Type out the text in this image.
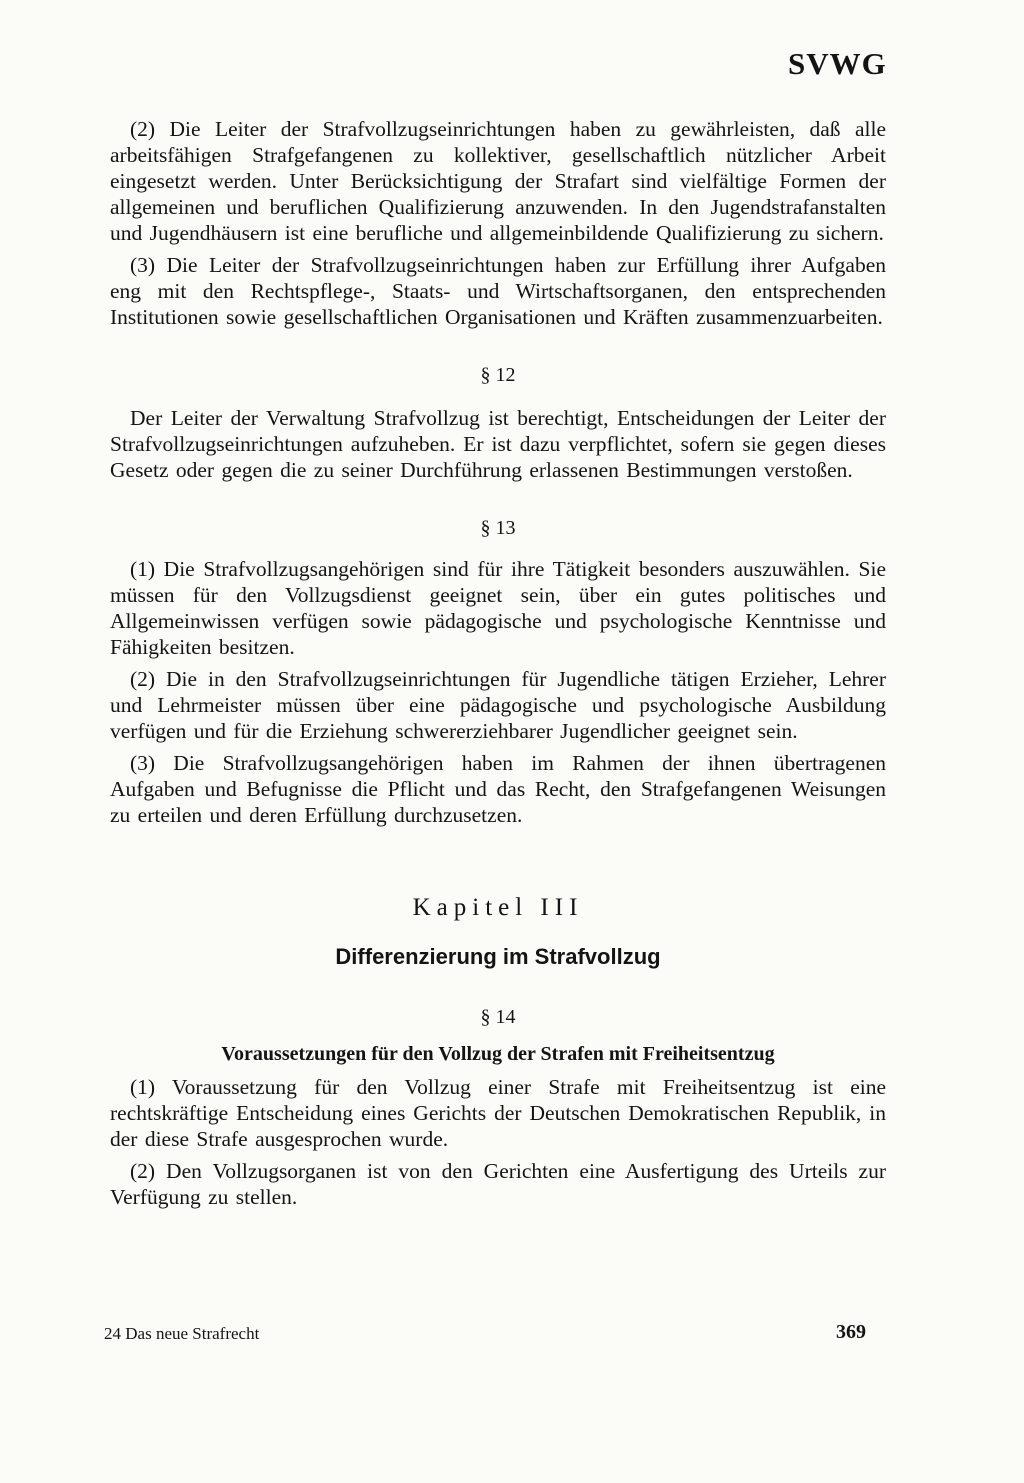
SVWG

(2) Die Leiter der Strafvollzugseinrichtungen haben zu gewährleisten, daß alle arbeitsfähigen Strafgefangenen zu kollektiver, gesellschaftlich nützlicher Arbeit eingesetzt werden. Unter Berücksichtigung der Strafart sind vielfältige Formen der allgemeinen und beruflichen Qualifizierung anzuwenden. In den Jugendstrafanstalten und Jugendhäusern ist eine berufliche und allgemeinbildende Qualifizierung zu sichern.

(3) Die Leiter der Strafvollzugseinrichtungen haben zur Erfüllung ihrer Aufgaben eng mit den Rechtspflege-, Staats- und Wirtschaftsorganen, den entsprechenden Institutionen sowie gesellschaftlichen Organisationen und Kräften zusammenzuarbeiten.

§ 12

Der Leiter der Verwaltung Strafvollzug ist berechtigt, Entscheidungen der Leiter der Strafvollzugseinrichtungen aufzuheben. Er ist dazu verpflichtet, sofern sie gegen dieses Gesetz oder gegen die zu seiner Durchführung erlassenen Bestimmungen verstoßen.

§ 13

(1) Die Strafvollzugsangehörigen sind für ihre Tätigkeit besonders auszuwählen. Sie müssen für den Vollzugsdienst geeignet sein, über ein gutes politisches und Allgemeinwissen verfügen sowie pädagogische und psychologische Kenntnisse und Fähigkeiten besitzen.

(2) Die in den Strafvollzugseinrichtungen für Jugendliche tätigen Erzieher, Lehrer und Lehrmeister müssen über eine pädagogische und psychologische Ausbildung verfügen und für die Erziehung schwererziehbarer Jugendlicher geeignet sein.

(3) Die Strafvollzugsangehörigen haben im Rahmen der ihnen übertragenen Aufgaben und Befugnisse die Pflicht und das Recht, den Strafgefangenen Weisungen zu erteilen und deren Erfüllung durchzusetzen.

Kapitel III

Differenzierung im Strafvollzug

§ 14

Voraussetzungen für den Vollzug der Strafen mit Freiheitsentzug

(1) Voraussetzung für den Vollzug einer Strafe mit Freiheitsentzug ist eine rechtskräftige Entscheidung eines Gerichts der Deutschen Demokratischen Republik, in der diese Strafe ausgesprochen wurde.

(2) Den Vollzugsorganen ist von den Gerichten eine Ausfertigung des Urteils zur Verfügung zu stellen.

24 Das neue Strafrecht	369
